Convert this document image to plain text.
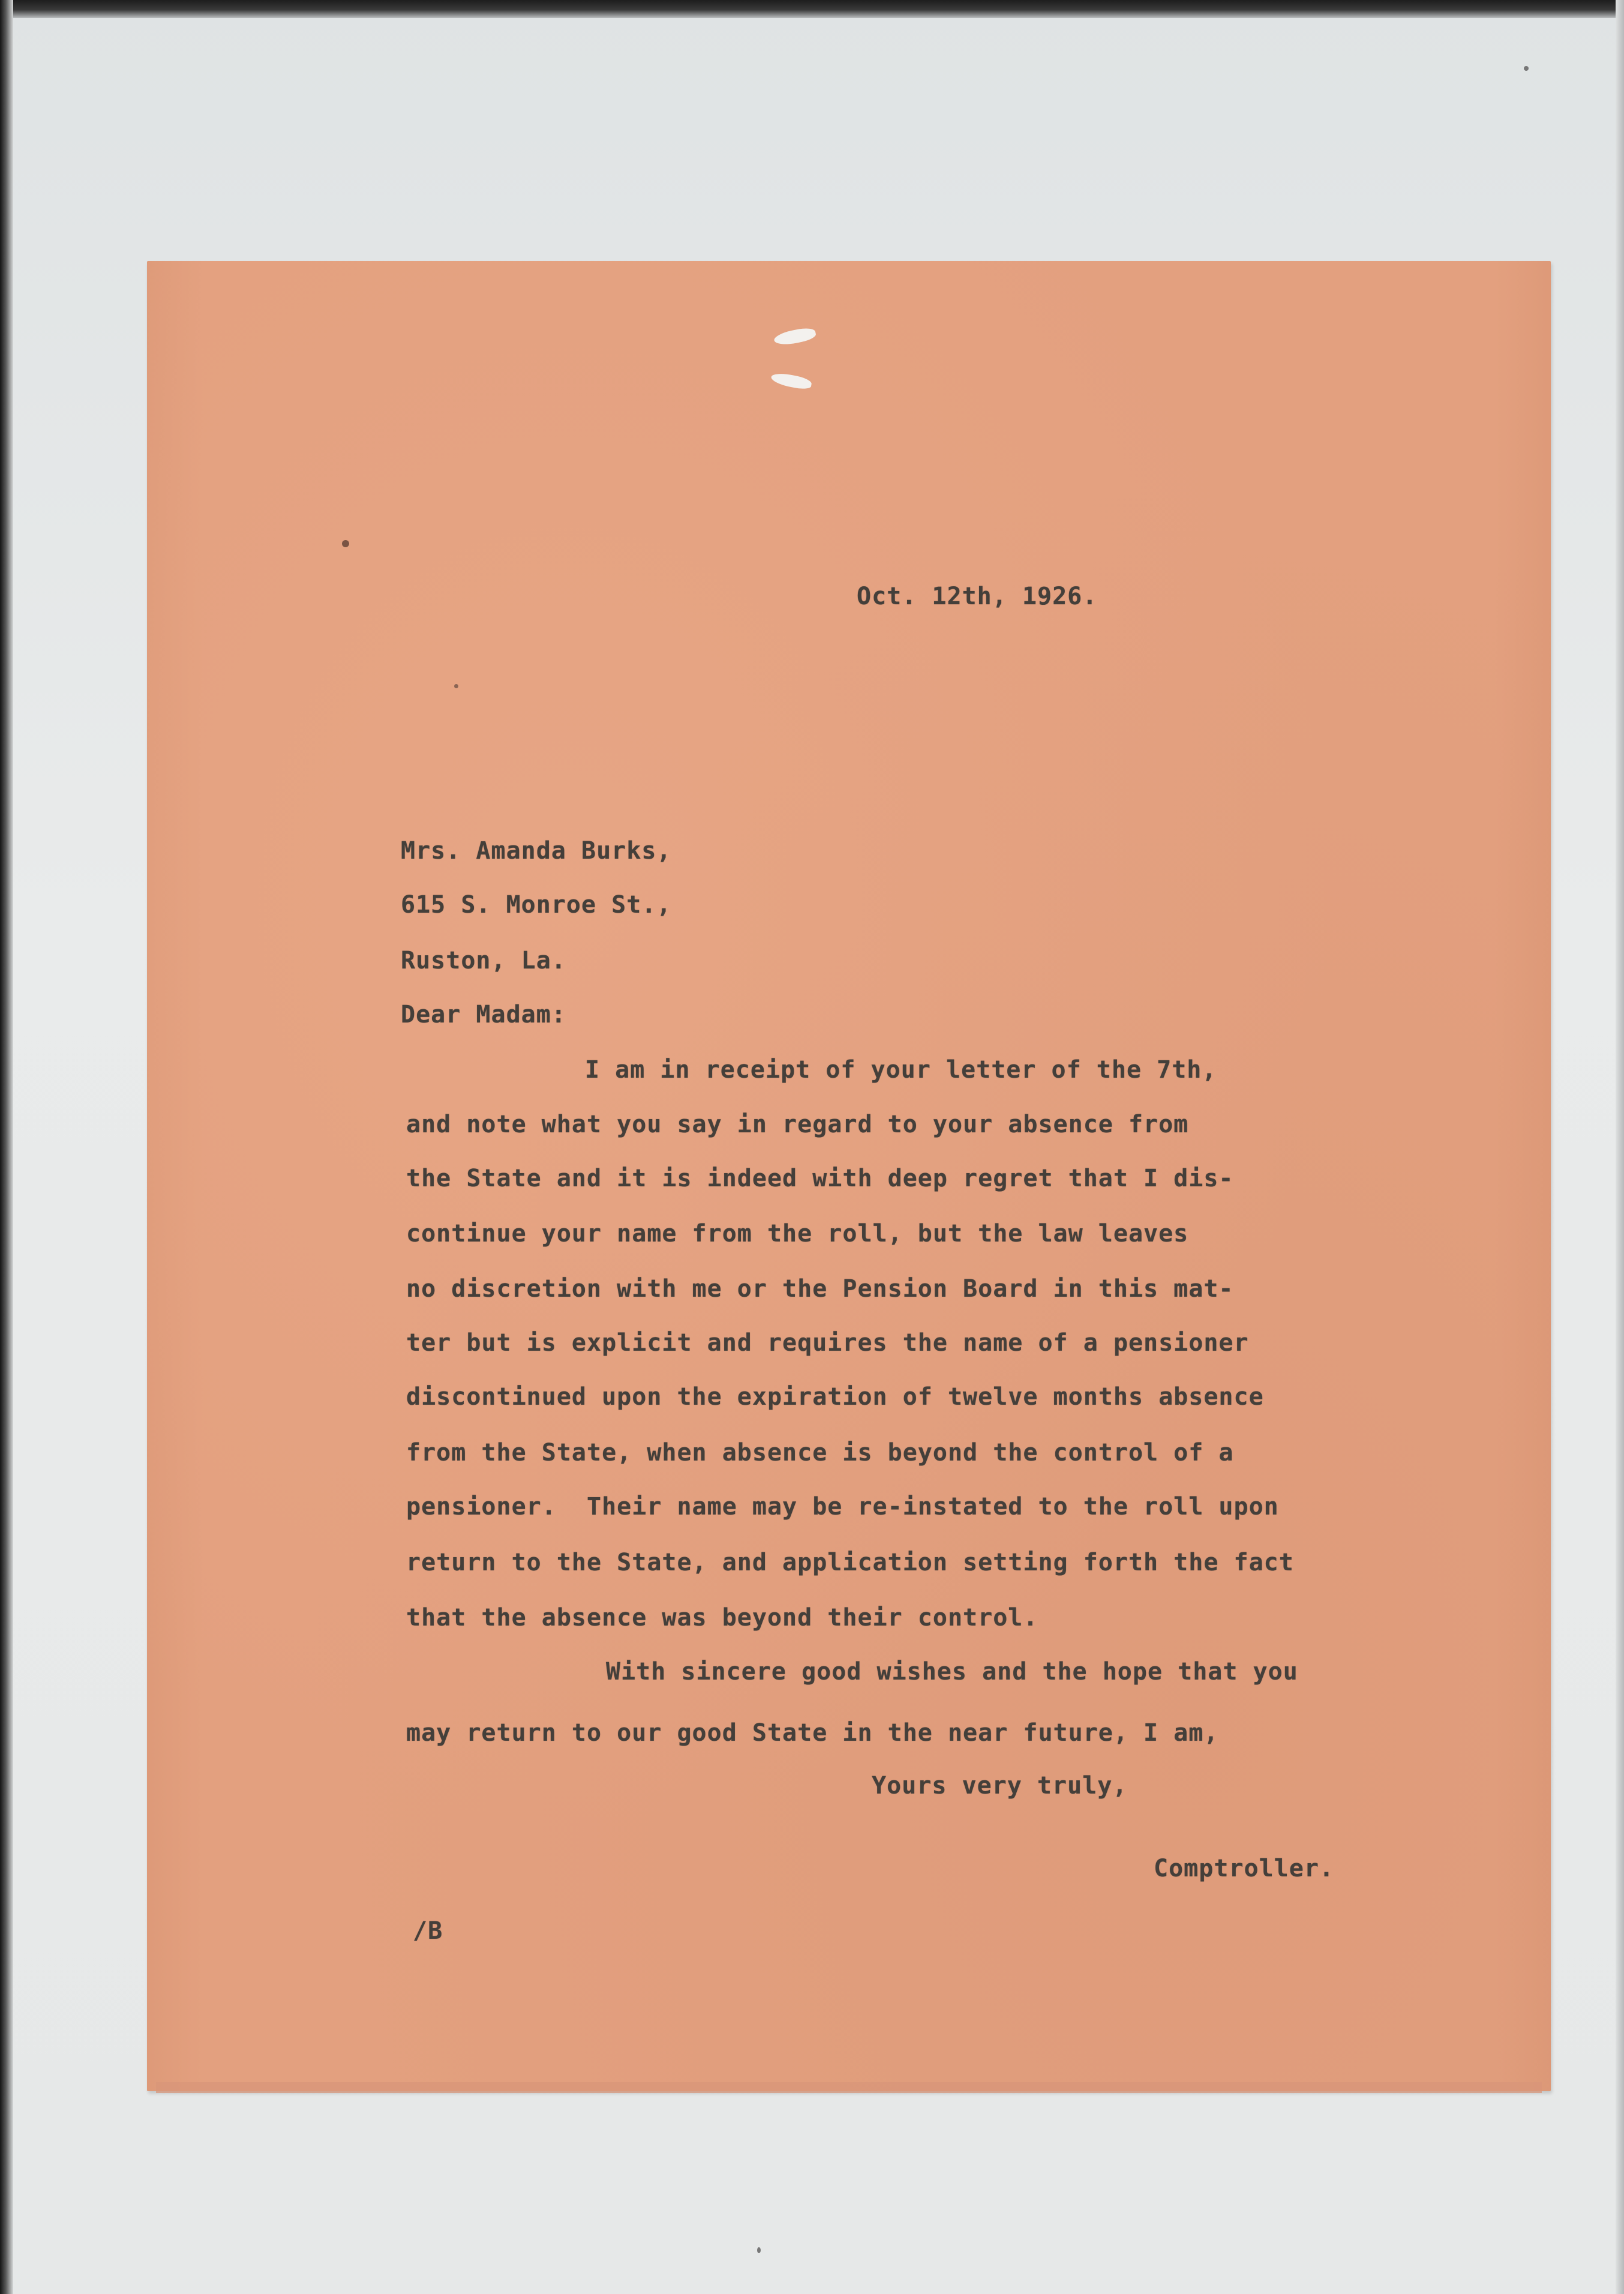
Oct. 12th, 1926.
Mrs. Amanda Burks,
615 S. Monroe St.,
Ruston, La.
Dear Madam:
I am in receipt of your letter of the 7th,
and note what you say in regard to your absence from
the State and it is indeed with deep regret that I dis-
continue your name from the roll, but the law leaves
no discretion with me or the Pension Board in this mat-
ter but is explicit and requires the name of a pensioner
discontinued upon the expiration of twelve months absence
from the State, when absence is beyond the control of a
pensioner.  Their name may be re-instated to the roll upon
return to the State, and application setting forth the fact
that the absence was beyond their control.
With sincere good wishes and the hope that you
may return to our good State in the near future, I am,
Yours very truly,
Comptroller.
/B
